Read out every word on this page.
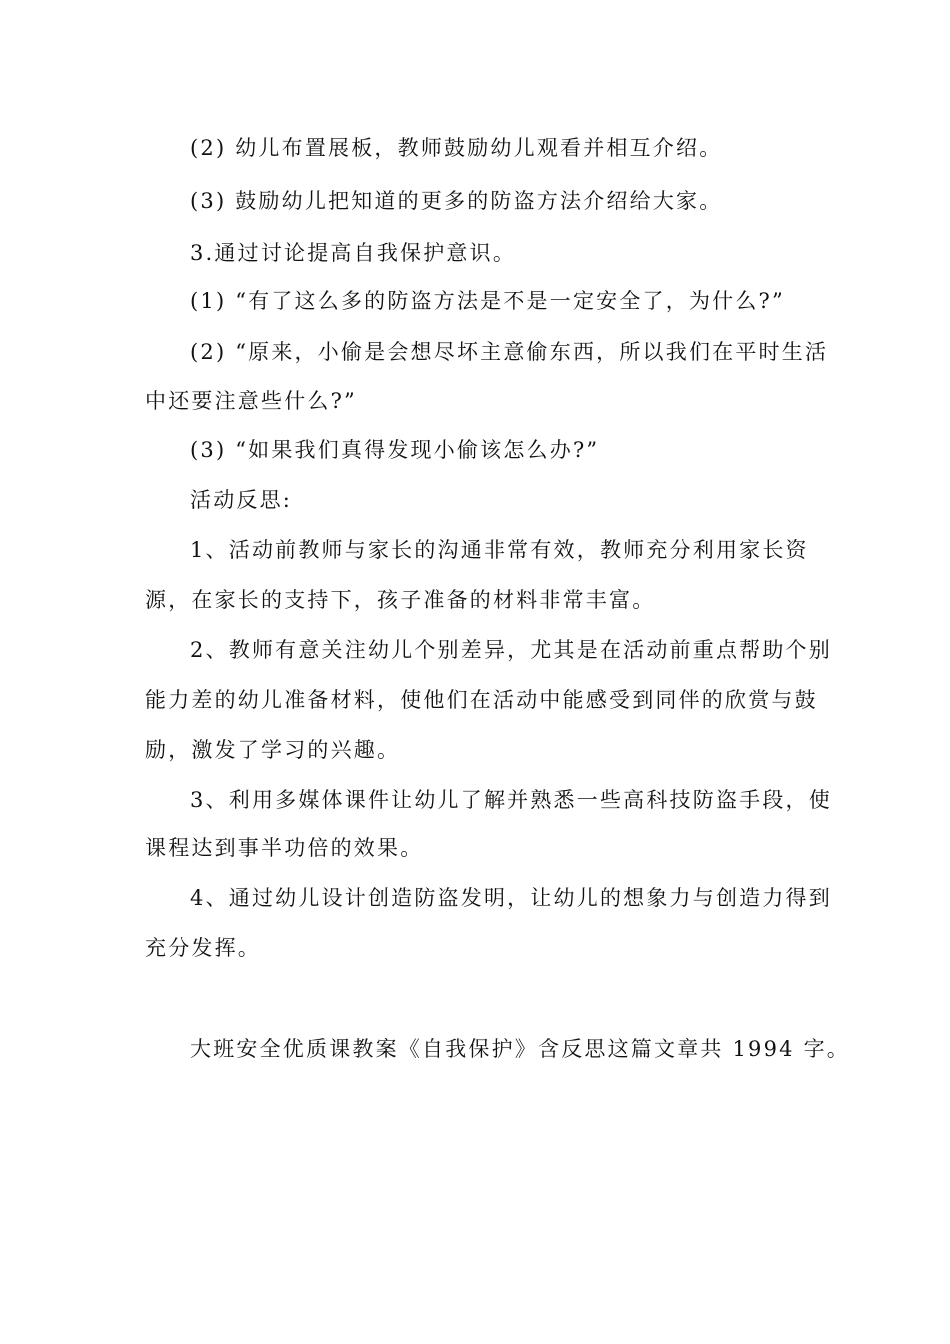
(2) 幼儿布置展板，教师鼓励幼儿观看并相互介绍。
(3) 鼓励幼儿把知道的更多的防盗方法介绍给大家。
3.通过讨论提高自我保护意识。
(1) “有了这么多的防盗方法是不是一定安全了，为什么?”
(2) “原来，小偷是会想尽坏主意偷东西，所以我们在平时生活
中还要注意些什么?”
(3) “如果我们真得发现小偷该怎么办?”
活动反思:
1、活动前教师与家长的沟通非常有效，教师充分利用家长资
源，在家长的支持下，孩子准备的材料非常丰富。
2、教师有意关注幼儿个别差异，尤其是在活动前重点帮助个别
能力差的幼儿准备材料，使他们在活动中能感受到同伴的欣赏与鼓
励，激发了学习的兴趣。
3、利用多媒体课件让幼儿了解并熟悉一些高科技防盗手段，使
课程达到事半功倍的效果。
4、通过幼儿设计创造防盗发明，让幼儿的想象力与创造力得到
充分发挥。
大班安全优质课教案《自我保护》含反思这篇文章共 1994 字。
